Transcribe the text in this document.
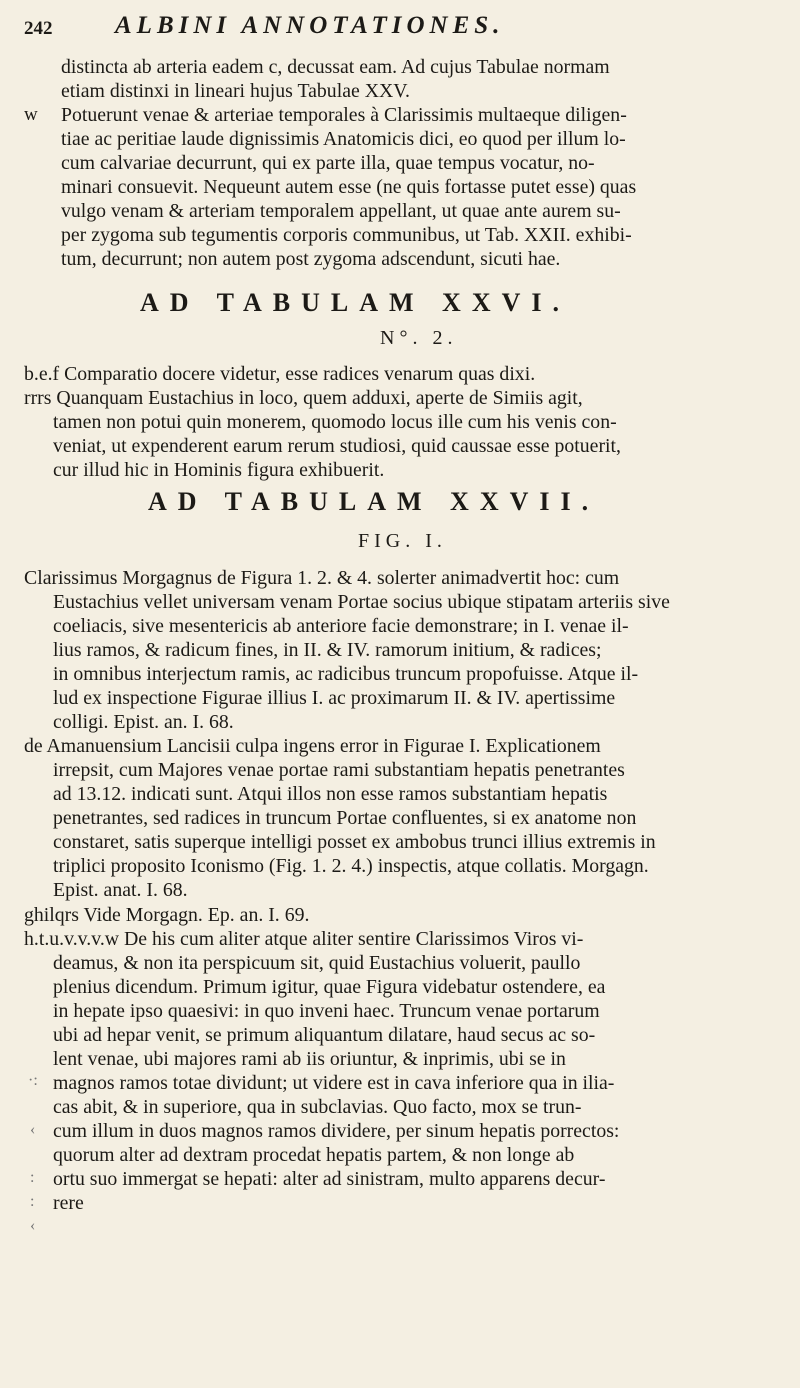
242	ALBINI ANNOTATIONES.

distincta ab arteria eadem c, decussat eam. Ad cujus Tabulae normam
etiam distinxi in lineari hujus Tabulae XXV.

w Potuerunt venae & arteriae temporales à Clarissimis multaeque diligen-
tiae ac peritiae laude dignissimis Anatomicis dici, eo quod per illum lo-
cum calvariae decurrunt, qui ex parte illa, quae tempus vocatur, no-
minari consuevit. Nequeunt autem esse (ne quis fortasse putet esse) quas
vulgo venam & arteriam temporalem appellant, ut quae ante aurem su-
per zygoma sub tegumentis corporis communibus, ut Tab. XXII. exhibi-
tum, decurrunt; non autem post zygoma adscendunt, sicuti hae.

AD TABULAM XXVI.
N°. 2.

b.e.f Comparatio docere videtur, esse radices venarum quas dixi.
rrrs Quanquam Eustachius in loco, quem adduxi, aperte de Simiis agit,
tamen non potui quin monerem, quomodo locus ille cum his venis con-
veniat, ut expenderent earum rerum studiosi, quid caussae esse potuerit,
cur illud hic in Hominis figura exhibuerit.

AD TABULAM XXVII.
FIG. I.

Clarissimus Morgagnus de Figura 1. 2. & 4. solerter animadvertit hoc: cum
Eustachius vellet universam venam Portae socius ubique stipatam arteriis sive
coeliacis, sive mesentericis ab anteriore facie demonstrare; in I. venae il-
lius ramos, & radicum fines, in II. & IV. ramorum initium, & radices;
in omnibus interjectum ramis, ac radicibus truncum propofuisse. Atque il-
lud ex inspectione Figurae illius I. ac proximarum II. & IV. apertissime
colligi. Epist. an. I. 68.

de Amanuensium Lancisii culpa ingens error in Figurae I. Explicationem
irrepsit, cum Majores venae portae rami substantiam hepatis penetrantes
ad 13.12. indicati sunt. Atqui illos non esse ramos substantiam hepatis
penetrantes, sed radices in truncum Portae confluentes, si ex anatome non
constaret, satis superque intelligi posset ex ambobus trunci illius extremis in
triplici proposito Iconismo (Fig. 1. 2. 4.) inspectis, atque collatis. Morgagn.
Epist. anat. I. 68.

ghilqrs Vide Morgagn. Ep. an. I. 69.

h.t.u.v.v.v.w De his cum aliter atque aliter sentire Clarissimos Viros vi-
deamus, & non ita perspicuum sit, quid Eustachius voluerit, paullo
plenius dicendum. Primum igitur, quae Figura videbatur ostendere, ea
in hepate ipso quaesivi: in quo inveni haec. Truncum venae portarum
ubi ad hepar venit, se primum aliquantum dilatare, haud secus ac so-
lent venae, ubi majores rami ab iis oriuntur, & inprimis, ubi se in
magnos ramos totae dividunt; ut videre est in cava inferiore qua in ilia-
cas abit, & in superiore, qua in subclavias. Quo facto, mox se trun-
cum illum in duos magnos ramos dividere, per sinum hepatis porrectos:
quorum alter ad dextram procedat hepatis partem, & non longe ab
ortu suo immergat se hepati: alter ad sinistram, multo apparens decur-
rere

·:
‹
:
:
‹
